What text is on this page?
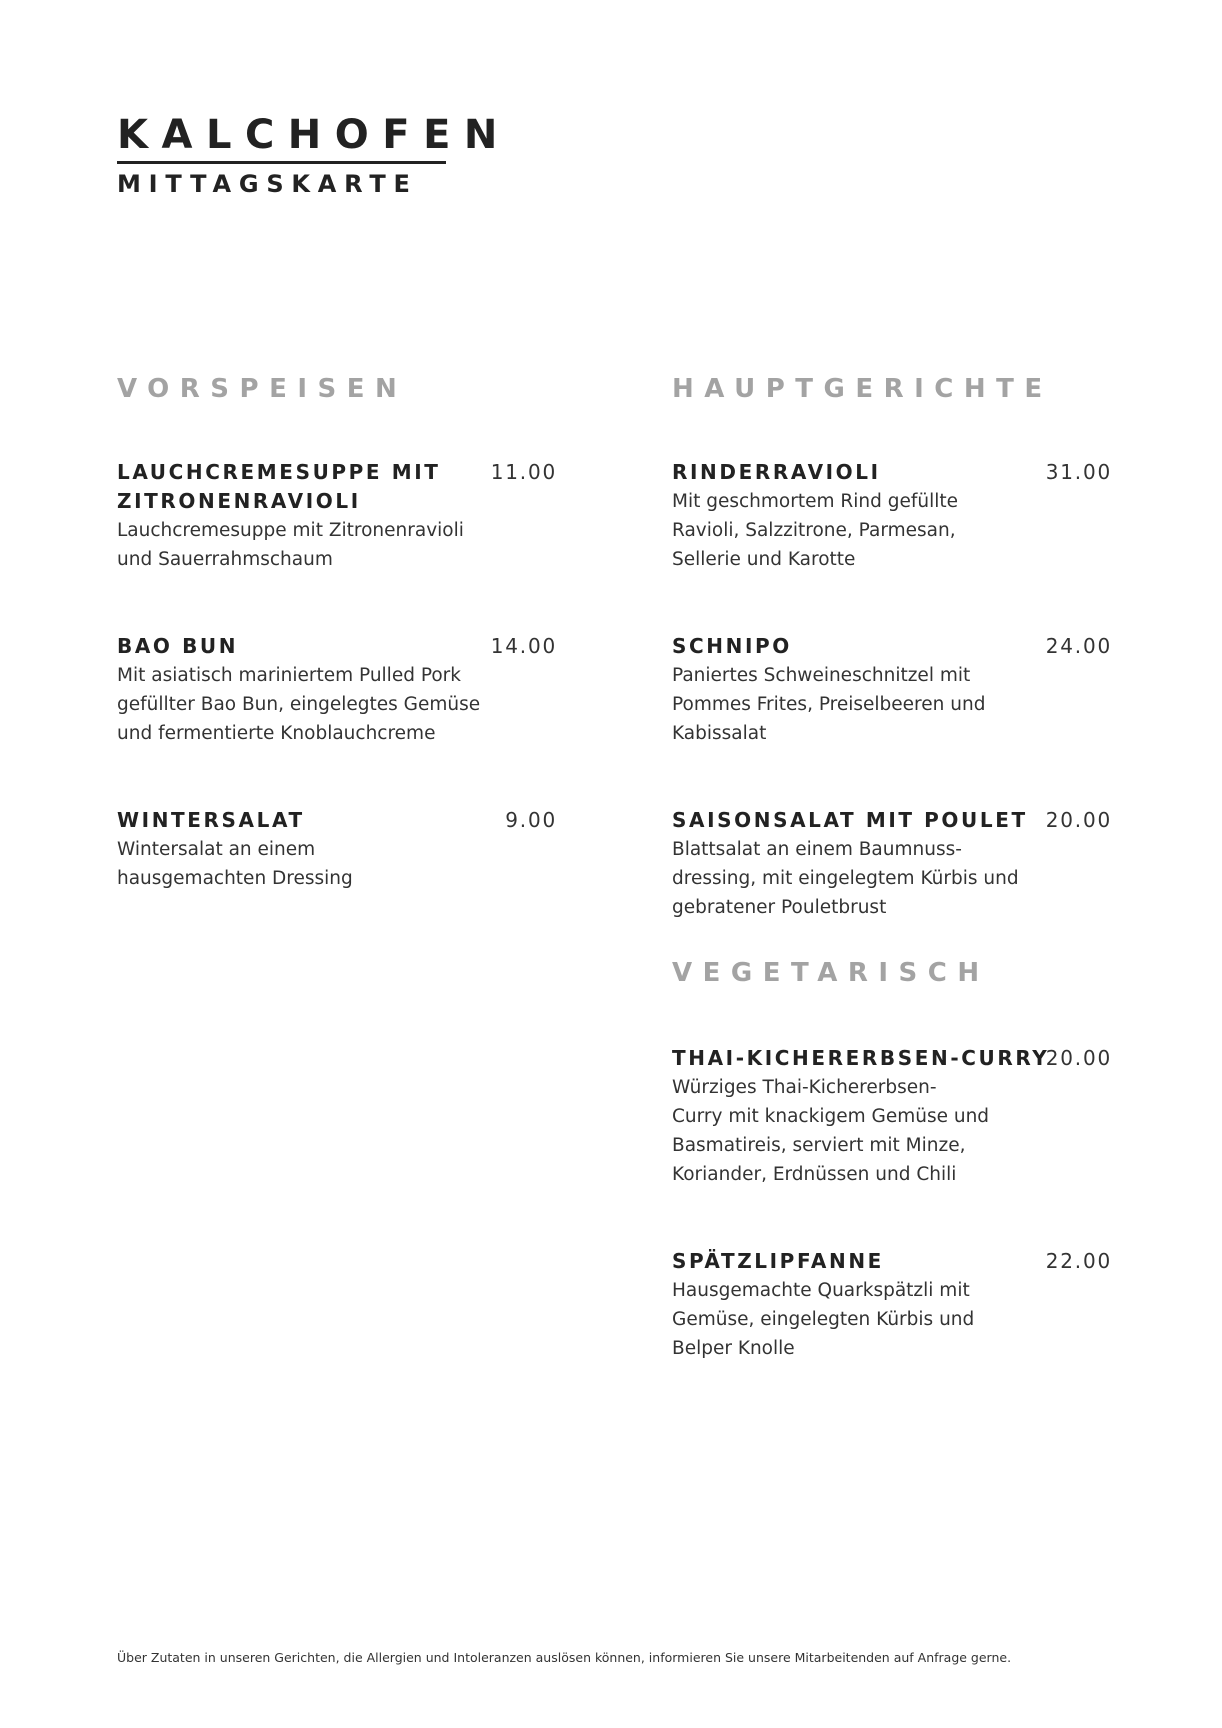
KALCHOFEN
MITTAGSKARTE
VORSPEISEN
LAUCHCREMESUPPE MIT
ZITRONENRAVIOLI
11.00
Lauchcremesuppe mit Zitronenravioli
und Sauerrahmschaum
BAO BUN	14.00
Mit asiatisch mariniertem Pulled Pork
gefüllter Bao Bun, eingelegtes Gemüse
und fermentierte Knoblauchcreme
WINTERSALAT	9.00
Wintersalat an einem
hausgemachten Dressing
HAUPTGERICHTE
RINDERRAVIOLI	31.00
Mit geschmortem Rind gefüllte
Ravioli, Salzzitrone, Parmesan,
Sellerie und Karotte
SCHNIPO	24.00
Paniertes Schweineschnitzel mit
Pommes Frites, Preiselbeeren und
Kabissalat
SAISONSALAT MIT POULET 20.00
Blattsalat an einem Baumnuss-
dressing, mit eingelegtem Kürbis und
gebratener Pouletbrust
VEGETARISCH
THAI-KICHERERBSEN-CURRY
20.00
Würziges Thai-Kichererbsen-
Curry mit knackigem Gemüse und
Basmatireis, serviert mit Minze,
Koriander, Erdnüssen und Chili
SPÄTZLIPFANNE	22.00
Hausgemachte Quarkspätzli mit
Gemüse, eingelegten Kürbis und
Belper Knolle
Über Zutaten in unseren Gerichten, die Allergien und Intoleranzen auslösen können, informieren Sie unsere Mitarbeitenden auf Anfrage gerne.
